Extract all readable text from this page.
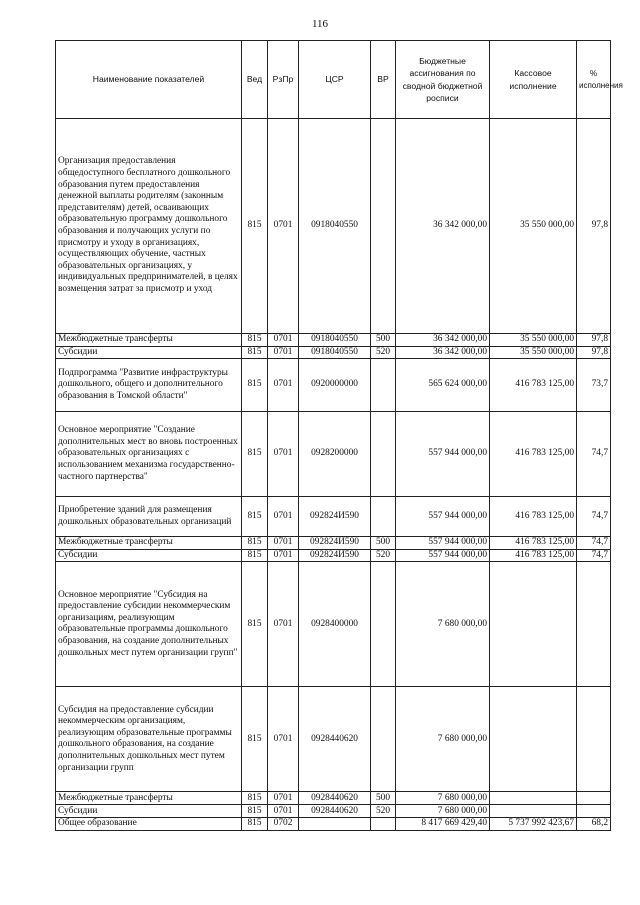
116
Наименование показателей	Вед	РзПр	ЦСР	ВР	Бюджетные ассигнования по сводной бюджетной росписи	Кассовое исполнение	% исполнения
Организация предоставления общедоступного бесплатного дошкольного образования путем предоставления денежной выплаты родителям (законным представителям) детей, осваивающих образовательную программу дошкольного образования и получающих услуги по присмотру и уходу в организациях, осуществляющих обучение, частных образовательных организациях, у индивидуальных предпринимателей, в целях возмещения затрат за присмотр и уход	815	0701	0918040550		36 342 000,00	35 550 000,00	97,8
Межбюджетные трансферты	815	0701	0918040550	500	36 342 000,00	35 550 000,00	97,8
Субсидии	815	0701	0918040550	520	36 342 000,00	35 550 000,00	97,8
Подпрограмма "Развитие инфраструктуры дошкольного, общего и дополнительного образования в Томской области"	815	0701	0920000000		565 624 000,00	416 783 125,00	73,7
Основное мероприятие "Создание дополнительных мест во вновь построенных образовательных организациях с использованием механизма государственно-частного партнерства"	815	0701	0928200000		557 944 000,00	416 783 125,00	74,7
Приобретение зданий для размещения дошкольных образовательных организаций	815	0701	092824И590		557 944 000,00	416 783 125,00	74,7
Межбюджетные трансферты	815	0701	092824И590	500	557 944 000,00	416 783 125,00	74,7
Субсидии	815	0701	092824И590	520	557 944 000,00	416 783 125,00	74,7
Основное мероприятие "Субсидия на предоставление субсидии некоммерческим организациям, реализующим образовательные программы дошкольного образования, на создание дополнительных дошкольных мест путем организации групп"	815	0701	0928400000		7 680 000,00		
Субсидия на предоставление субсидии некоммерческим организациям, реализующим образовательные программы дошкольного образования, на создание дополнительных дошкольных мест путем организации групп	815	0701	0928440620		7 680 000,00		
Межбюджетные трансферты	815	0701	0928440620	500	7 680 000,00		
Субсидии	815	0701	0928440620	520	7 680 000,00		
Общее образование	815	0702			8 417 669 429,40	5 737 992 423,67	68,2
